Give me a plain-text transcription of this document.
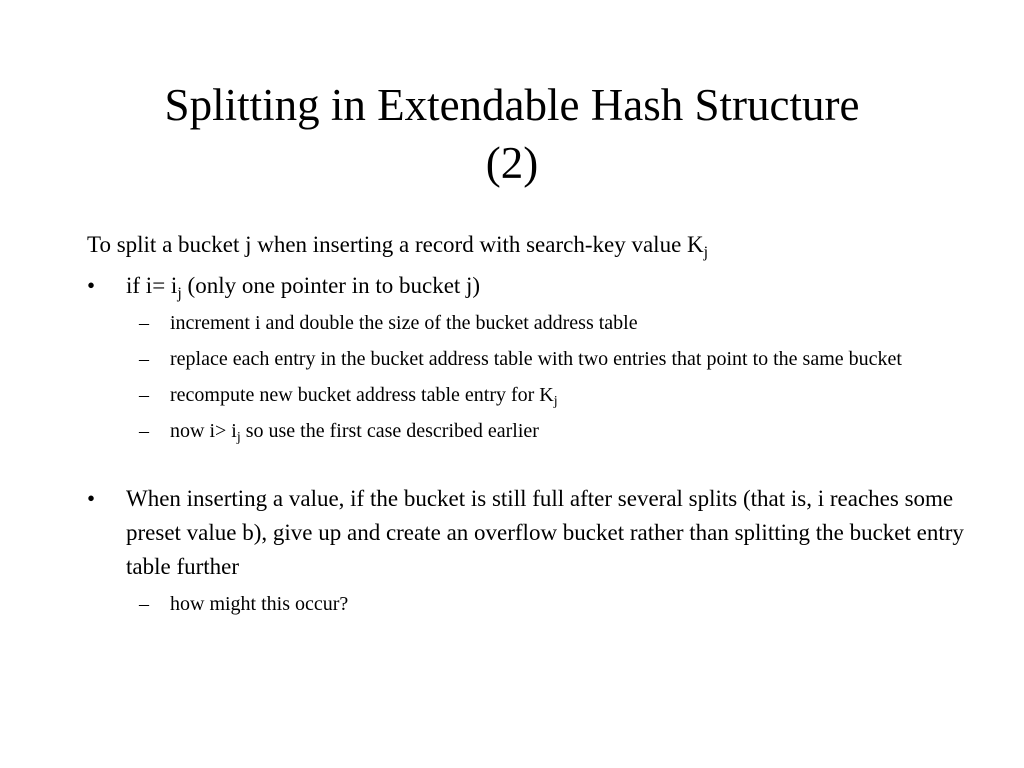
Splitting in Extendable Hash Structure
(2)
To split a bucket j when inserting a record with search-key value $K_j$
• if $i= i_j$ (only one pointer in to bucket j)
– increment i and double the size of the bucket address table
– replace each entry in the bucket address table with two entries that point to the same bucket
– recompute new bucket address table entry for $K_j$
– now $i> i_j$ so use the first case described earlier
• When inserting a value, if the bucket is still full after several splits (that is, i reaches some preset value b), give up and create an overflow bucket rather than splitting the bucket entry table further
– how might this occur?
